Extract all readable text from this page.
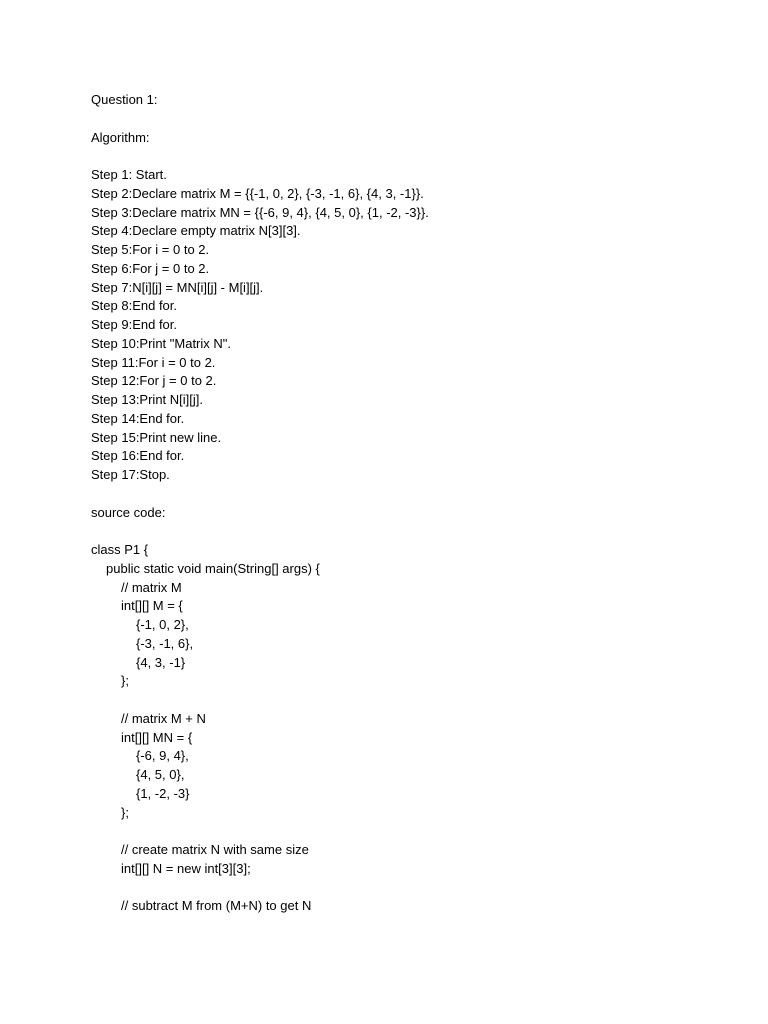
Question 1:
Algorithm:
Step 1: Start.
Step 2:Declare matrix M = {{-1, 0, 2}, {-3, -1, 6}, {4, 3, -1}}.
Step 3:Declare matrix MN = {{-6, 9, 4}, {4, 5, 0}, {1, -2, -3}}.
Step 4:Declare empty matrix N[3][3].
Step 5:For i = 0 to 2.
Step 6:For j = 0 to 2.
Step 7:N[i][j] = MN[i][j] - M[i][j].
Step 8:End for.
Step 9:End for.
Step 10:Print "Matrix N".
Step 11:For i = 0 to 2.
Step 12:For j = 0 to 2.
Step 13:Print N[i][j].
Step 14:End for.
Step 15:Print new line.
Step 16:End for.
Step 17:Stop.
source code:
class P1 {
public static void main(String[] args) {
// matrix M
int[][] M = {
{-1, 0, 2},
{-3, -1, 6},
{4, 3, -1}
};
// matrix M + N
int[][] MN = {
{-6, 9, 4},
{4, 5, 0},
{1, -2, -3}
};
// create matrix N with same size
int[][] N = new int[3][3];
// subtract M from (M+N) to get N
